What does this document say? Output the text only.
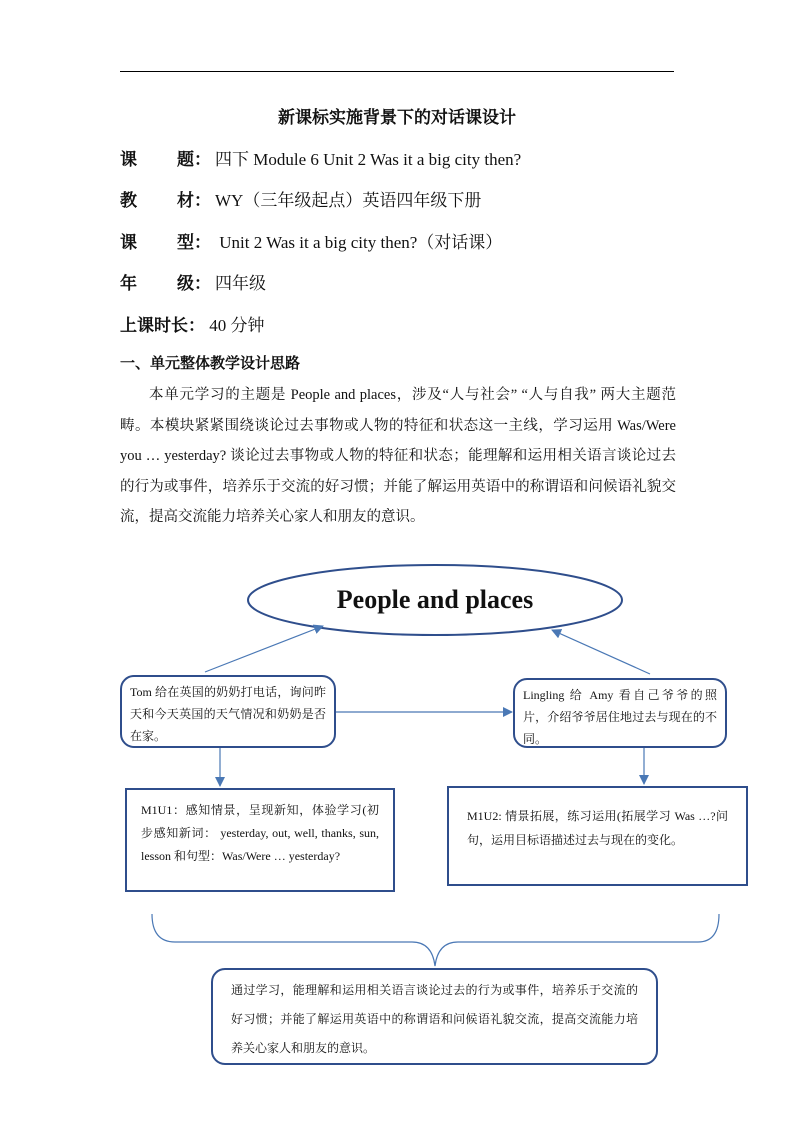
新课标实施背景下的对话课设计
课 题： 四下 Module 6 Unit 2 Was it a big city then?
教 材： WY（三年级起点）英语四年级下册
课 型： Unit 2 Was it a big city then?（对话课）
年 级： 四年级
上课时长： 40 分钟
一、单元整体教学设计思路
本单元学习的主题是 People and places，涉及“人与社会” “人与自我” 两大主题范畴。本模块紧紧围绕谈论过去事物或人物的特征和状态这一主线，学习运用 Was/Were you … yesterday? 谈论过去事物或人物的特征和状态；能理解和运用相关语言谈论过去的行为或事件，培养乐于交流的好习惯；并能了解运用英语中的称谓语和问候语礼貌交流，提高交流能力培养关心家人和朋友的意识。
People and places
Tom 给在英国的奶奶打电话，询问昨天和今天英国的天气情况和奶奶是否在家。
Lingling 给 Amy 看自己爷爷的照片，介绍爷爷居住地过去与现在的不同。
M1U1：感知情景，呈现新知，体验学习(初步感知新词： yesterday, out, well, thanks, sun, lesson 和句型：Was/Were … yesterday?
M1U2: 情景拓展，练习运用(拓展学习 Was …?问句，运用目标语描述过去与现在的变化。
通过学习，能理解和运用相关语言谈论过去的行为或事件，培养乐于交流的好习惯；并能了解运用英语中的称谓语和问候语礼貌交流，提高交流能力培养关心家人和朋友的意识。
